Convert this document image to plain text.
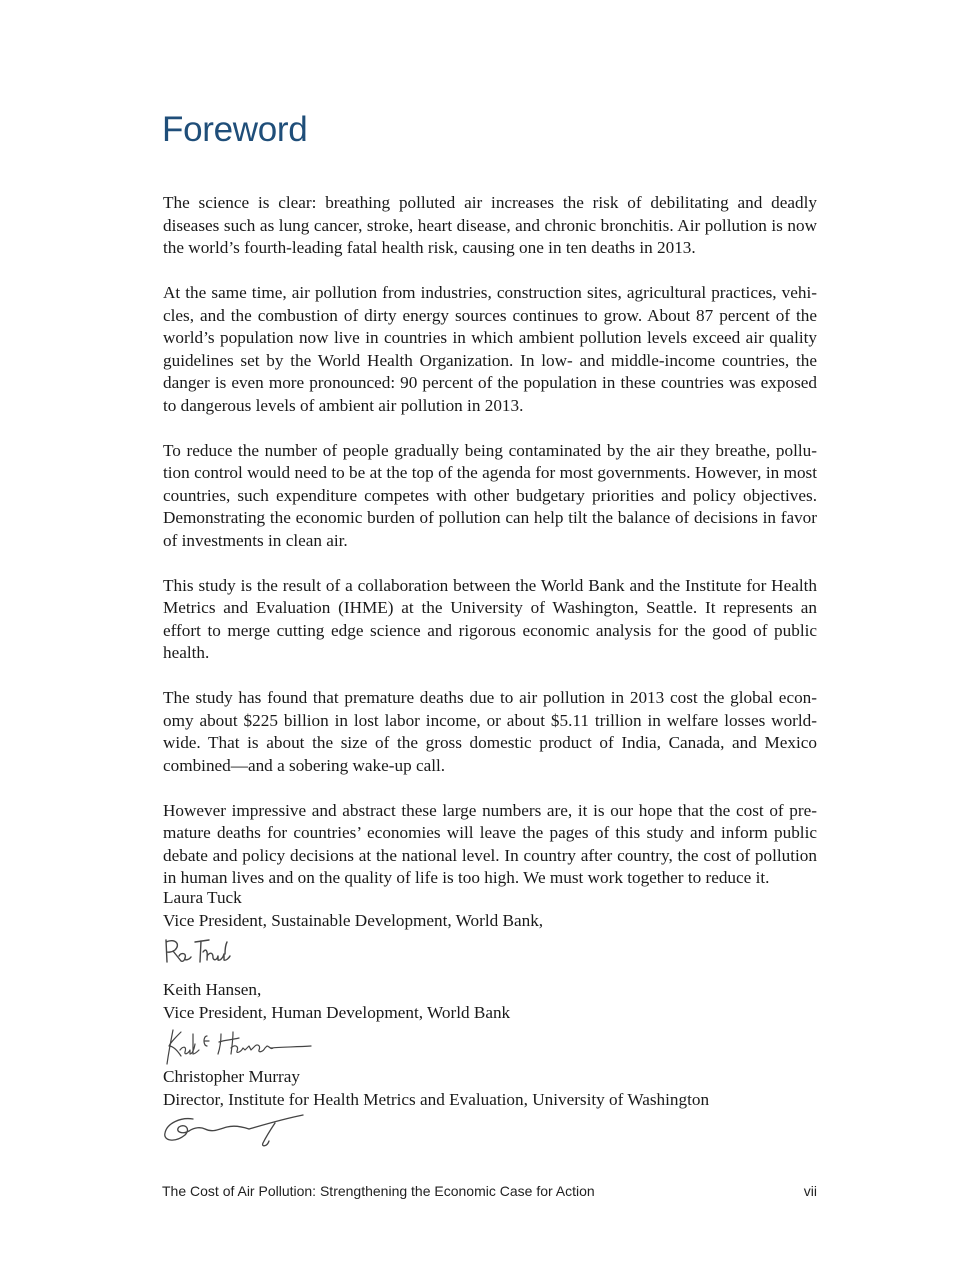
Foreword

The science is clear: breathing polluted air increases the risk of debilitating and deadly diseases such as lung cancer, stroke, heart disease, and chronic bronchitis. Air pollution is now the world’s fourth-leading fatal health risk, causing one in ten deaths in 2013.

At the same time, air pollution from industries, construction sites, agricultural practices, vehicles, and the combustion of dirty energy sources continues to grow. About 87 percent of the world’s population now live in countries in which ambient pollution levels exceed air quality guidelines set by the World Health Organization. In low- and middle-income countries, the danger is even more pronounced: 90 percent of the population in these countries was exposed to dangerous levels of ambient air pollution in 2013.

To reduce the number of people gradually being contaminated by the air they breathe, pollution control would need to be at the top of the agenda for most governments. However, in most countries, such expenditure competes with other budgetary priorities and policy objectives. Demonstrating the economic burden of pollution can help tilt the balance of decisions in favor of investments in clean air.

This study is the result of a collaboration between the World Bank and the Institute for Health Metrics and Evaluation (IHME) at the University of Washington, Seattle. It represents an effort to merge cutting edge science and rigorous economic analysis for the good of public health.

The study has found that premature deaths due to air pollution in 2013 cost the global economy about $225 billion in lost labor income, or about $5.11 trillion in welfare losses worldwide. That is about the size of the gross domestic product of India, Canada, and Mexico combined—and a sobering wake-up call.

However impressive and abstract these large numbers are, it is our hope that the cost of premature deaths for countries’ economies will leave the pages of this study and inform public debate and policy decisions at the national level. In country after country, the cost of pollution in human lives and on the quality of life is too high. We must work together to reduce it.

Laura Tuck
Vice President, Sustainable Development, World Bank,
Keith Hansen,
Vice President, Human Development, World Bank
Christopher Murray
Director, Institute for Health Metrics and Evaluation, University of Washington
The Cost of Air Pollution: Strengthening the Economic Case for Action	vii
